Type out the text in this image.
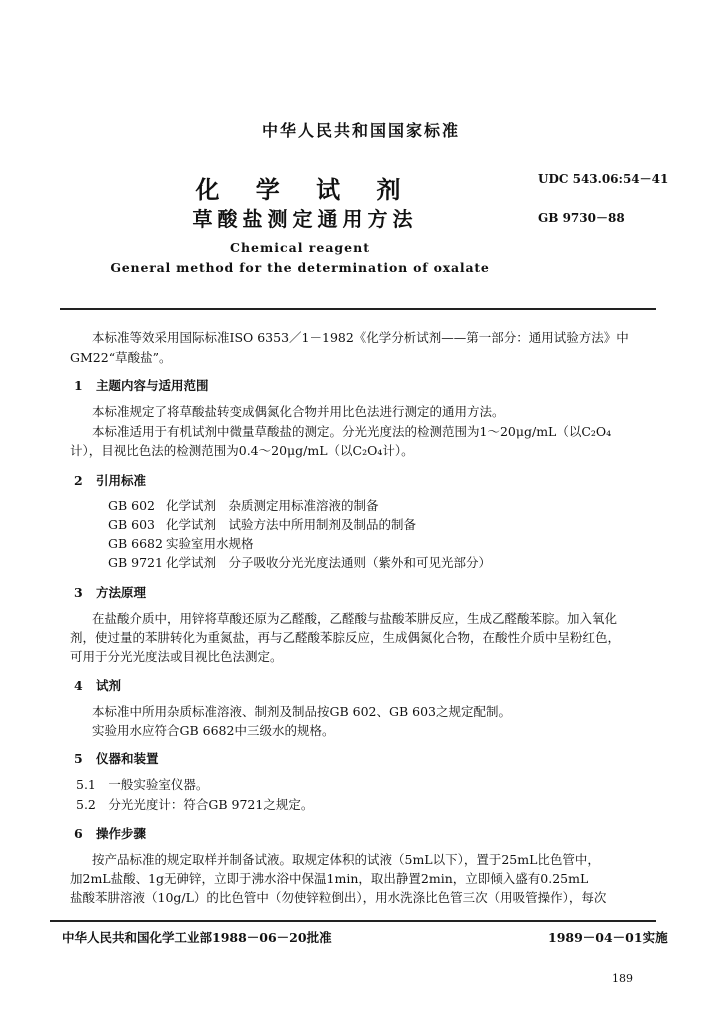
中华人民共和国国家标准
化 学 试 剂
草酸盐测定通用方法
UDC 543.06:54－41
GB 9730－88
Chemical reagent
General method for the determination of oxalate
本标准等效采用国际标准ISO 6353／1－1982《化学分析试剂——第一部分：通用试验方法》中
GM22“草酸盐”。
1 主题内容与适用范围
本标准规定了将草酸盐转变成偶氮化合物并用比色法进行测定的通用方法。
本标准适用于有机试剂中微量草酸盐的测定。分光光度法的检测范围为1～20μg/mL（以C₂O₄
计），目视比色法的检测范围为0.4～20μg/mL（以C₂O₄计）。
2 引用标准
GB 602 化学试剂　杂质测定用标准溶液的制备
GB 603 化学试剂　试验方法中所用制剂及制品的制备
GB 6682 实验室用水规格
GB 9721 化学试剂　分子吸收分光光度法通则（紫外和可见光部分）
3 方法原理
在盐酸介质中，用锌将草酸还原为乙醛酸，乙醛酸与盐酸苯肼反应，生成乙醛酸苯腙。加入氧化
剂，使过量的苯肼转化为重氮盐，再与乙醛酸苯腙反应，生成偶氮化合物，在酸性介质中呈粉红色，
可用于分光光度法或目视比色法测定。
4 试剂
本标准中所用杂质标准溶液、制剂及制品按GB 602、GB 603之规定配制。
实验用水应符合GB 6682中三级水的规格。
5 仪器和装置
5.1　一般实验室仪器。
5.2　分光光度计：符合GB 9721之规定。
6 操作步骤
按产品标准的规定取样并制备试液。取规定体积的试液（5mL以下），置于25mL比色管中，
加2mL盐酸、1g无砷锌，立即于沸水浴中保温1min，取出静置2min，立即倾入盛有0.25mL
盐酸苯肼溶液（10g/L）的比色管中（勿使锌粒倒出），用水洗涤比色管三次（用吸管操作），每次
中华人民共和国化学工业部1988－06－20批准	1989－04－01实施
189
